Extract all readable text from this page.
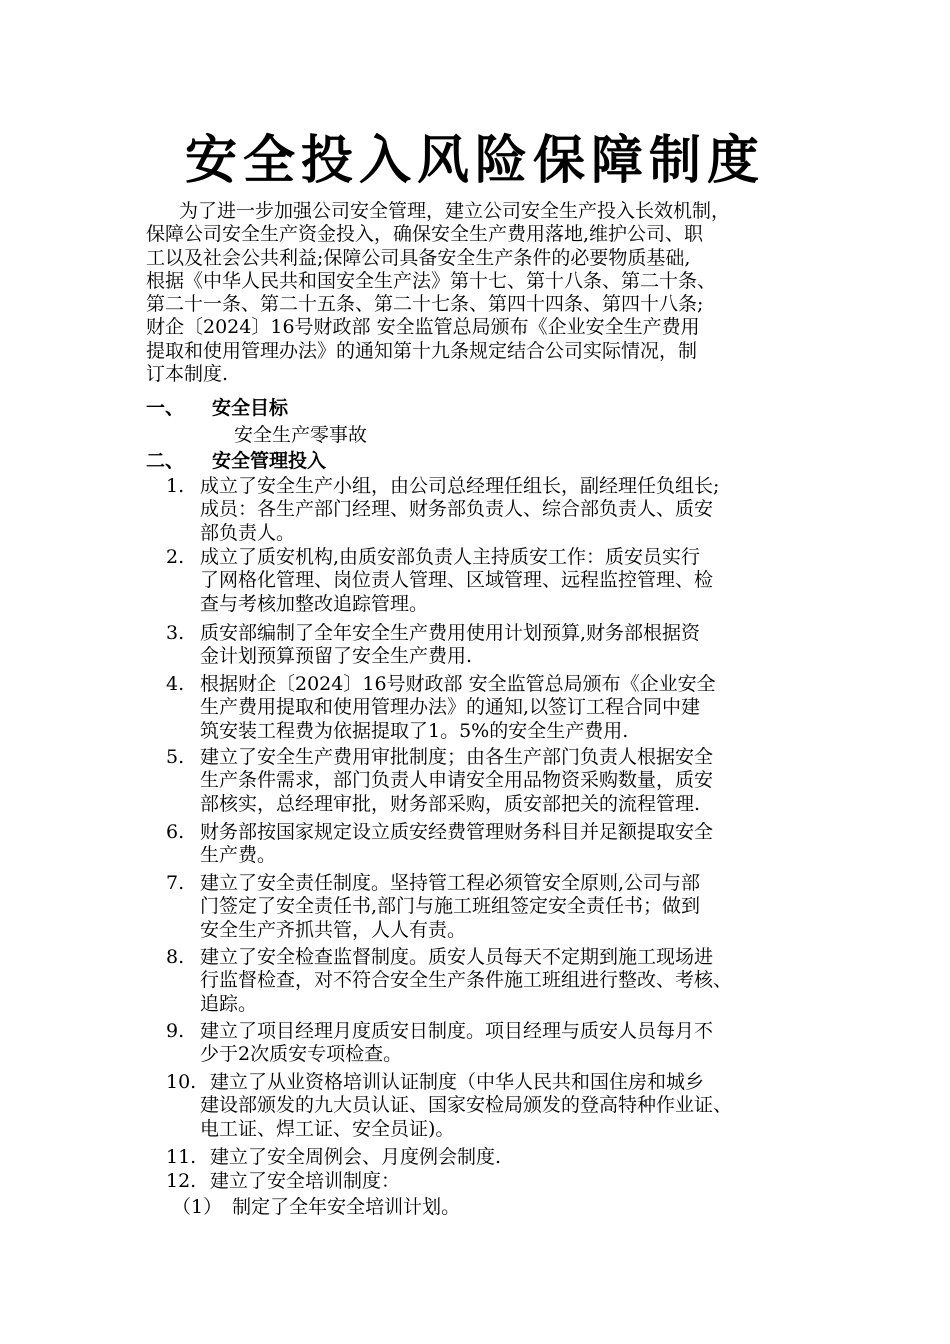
安全投入风险保障制度
为了进一步加强公司安全管理，建立公司安全生产投入长效机制，
保障公司安全生产资金投入，确保安全生产费用落地,维护公司、职
工以及社会公共利益;保障公司具备安全生产条件的必要物质基础,
根据《中华人民共和国安全生产法》第十七、第十八条、第二十条、
第二十一条、第二十五条、第二十七条、第四十四条、第四十八条;
财企〔2024〕16号财政部 安全监管总局颁布《企业安全生产费用
提取和使用管理办法》的通知第十九条规定结合公司实际情况，制
订本制度.
一、 安全目标
安全生产零事故
二、 安全管理投入
1. 成立了安全生产小组，由公司总经理任组长，副经理任负组长;
成员：各生产部门经理、财务部负责人、综合部负责人、质安
部负责人。
2. 成立了质安机构,由质安部负责人主持质安工作：质安员实行
了网格化管理、岗位责人管理、区域管理、远程监控管理、检
查与考核加整改追踪管理。
3. 质安部编制了全年安全生产费用使用计划预算,财务部根据资
金计划预算预留了安全生产费用.
4. 根据财企〔2024〕16号财政部 安全监管总局颁布《企业安全
生产费用提取和使用管理办法》的通知,以签订工程合同中建
筑安装工程费为依据提取了1。5%的安全生产费用.
5. 建立了安全生产费用审批制度；由各生产部门负责人根据安全
生产条件需求，部门负责人申请安全用品物资采购数量，质安
部核实，总经理审批，财务部采购，质安部把关的流程管理.
6. 财务部按国家规定设立质安经费管理财务科目并足额提取安全
生产费。
7. 建立了安全责任制度。坚持管工程必须管安全原则,公司与部
门签定了安全责任书,部门与施工班组签定安全责任书；做到
安全生产齐抓共管，人人有责。
8. 建立了安全检查监督制度。质安人员每天不定期到施工现场进
行监督检查，对不符合安全生产条件施工班组进行整改、考核、
追踪。
9. 建立了项目经理月度质安日制度。项目经理与质安人员每月不
少于2次质安专项检查。
10. 建立了从业资格培训认证制度（中华人民共和国住房和城乡
建设部颁发的九大员认证、国家安检局颁发的登高特种作业证、
电工证、焊工证、安全员证)。
11. 建立了安全周例会、月度例会制度.
12. 建立了安全培训制度：
（1） 制定了全年安全培训计划。
